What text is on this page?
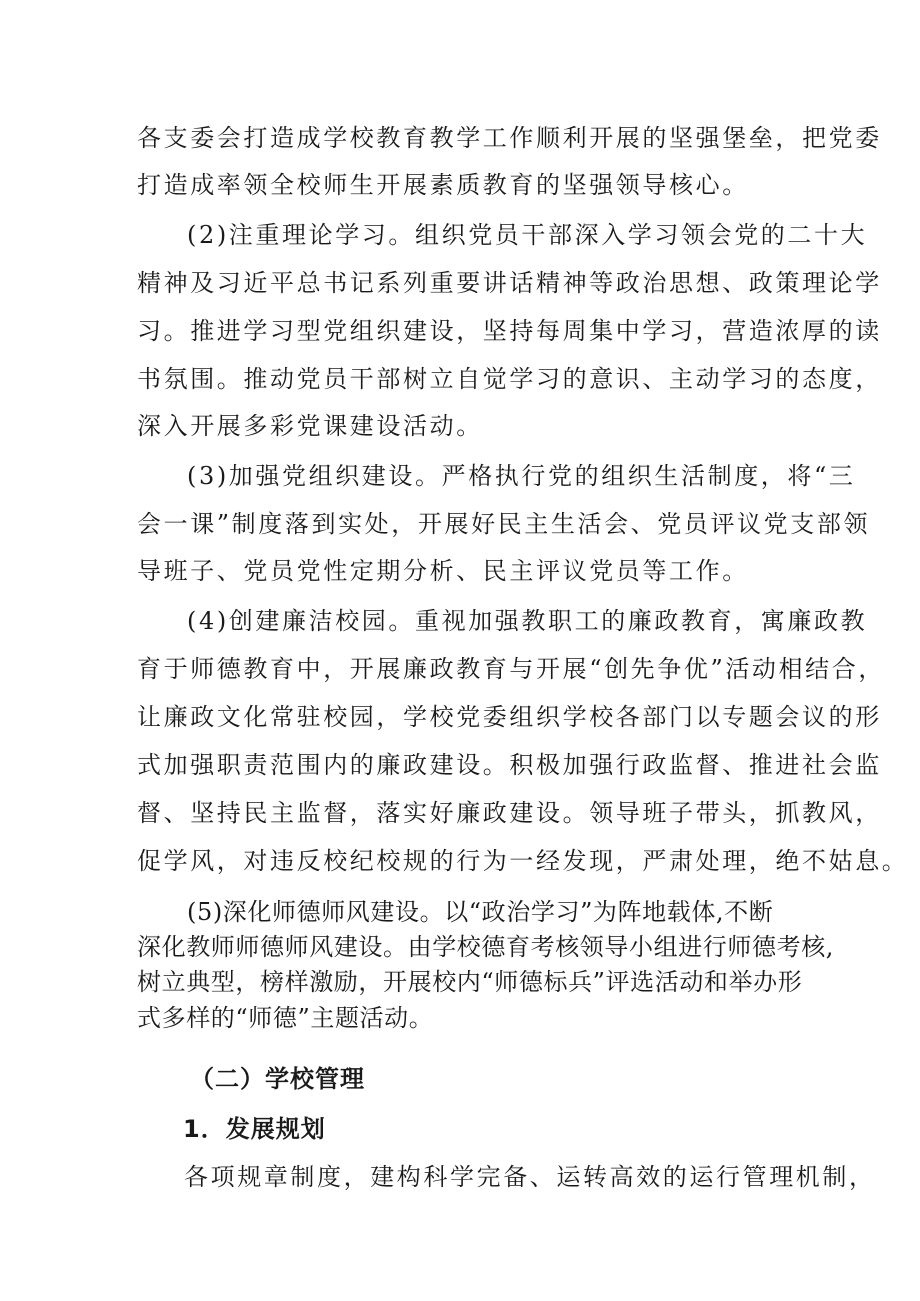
各支委会打造成学校教育教学工作顺利开展的坚强堡垒，把党委

打造成率领全校师生开展素质教育的坚强领导核心。

(2)注重理论学习。组织党员干部深入学习领会党的二十大

精神及习近平总书记系列重要讲话精神等政治思想、政策理论学

习。推进学习型党组织建设，坚持每周集中学习，营造浓厚的读

书氛围。推动党员干部树立自觉学习的意识、主动学习的态度，

深入开展多彩党课建设活动。

(3)加强党组织建设。严格执行党的组织生活制度，将“三

会一课”制度落到实处，开展好民主生活会、党员评议党支部领

导班子、党员党性定期分析、民主评议党员等工作。

(4)创建廉洁校园。重视加强教职工的廉政教育，寓廉政教

育于师德教育中，开展廉政教育与开展“创先争优”活动相结合，

让廉政文化常驻校园，学校党委组织学校各部门以专题会议的形

式加强职责范围内的廉政建设。积极加强行政监督、推进社会监

督、坚持民主监督，落实好廉政建设。领导班子带头，抓教风，

促学风，对违反校纪校规的行为一经发现，严肃处理，绝不姑息。

(5)深化师德师风建设。以“政治学习”为阵地载体,不断

深化教师师德师风建设。由学校德育考核领导小组进行师德考核,

树立典型，榜样激励，开展校内“师德标兵”评选活动和举办形

式多样的“师德”主题活动。

（二）学校管理

1．发展规划

各项规章制度，建构科学完备、运转高效的运行管理机制，
